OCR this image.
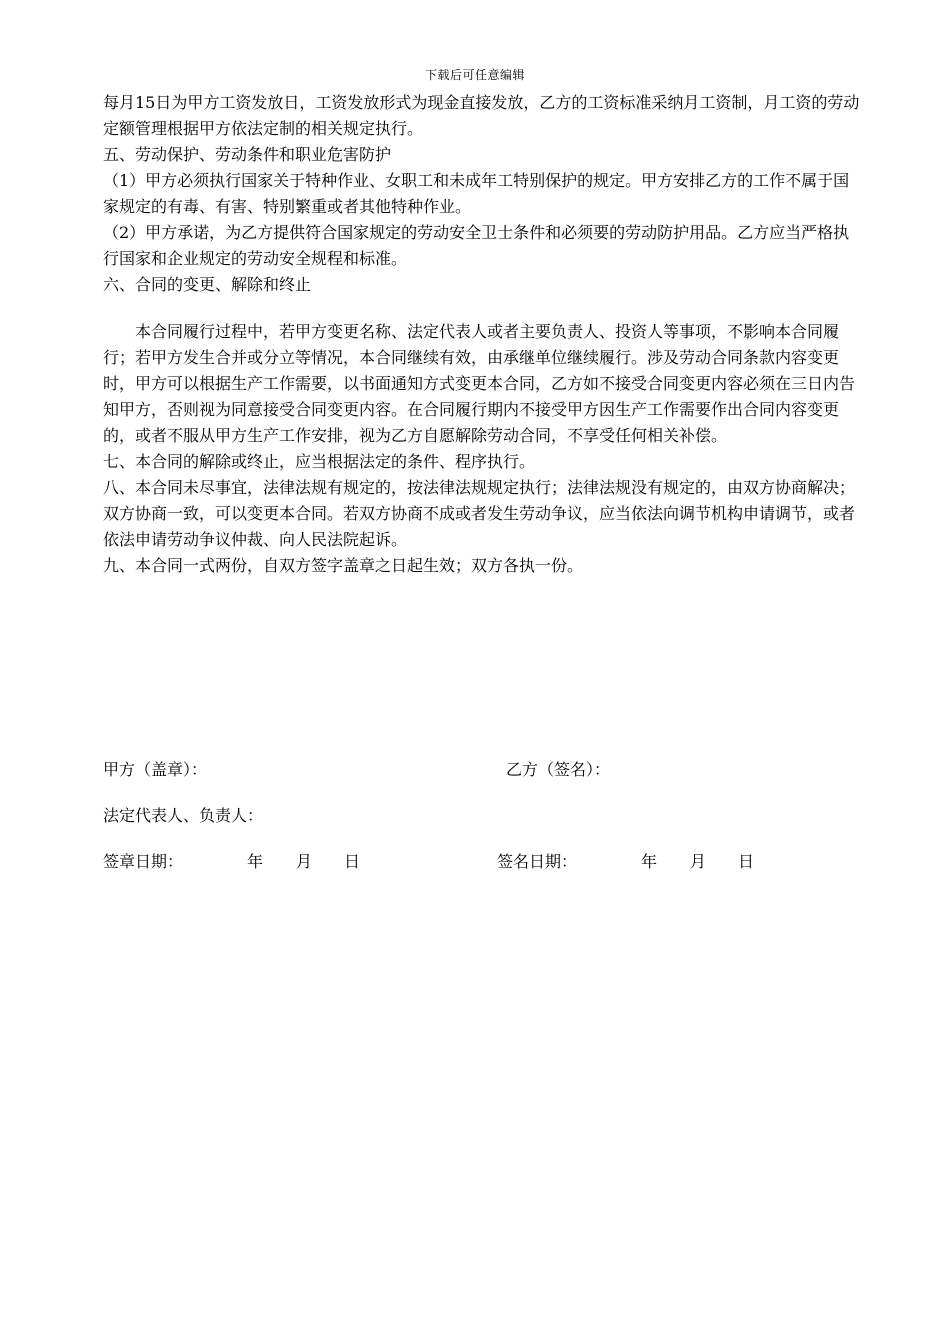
下载后可任意编辑

每月15日为甲方工资发放日，工资发放形式为现金直接发放，乙方的工资标准采纳月工资制，月工资的劳动定额管理根据甲方依法定制的相关规定执行。

五、劳动保护、劳动条件和职业危害防护

（1）甲方必须执行国家关于特种作业、女职工和未成年工特别保护的规定。甲方安排乙方的工作不属于国家规定的有毒、有害、特别繁重或者其他特种作业。

（2）甲方承诺，为乙方提供符合国家规定的劳动安全卫士条件和必须要的劳动防护用品。乙方应当严格执行国家和企业规定的劳动安全规程和标准。

六、合同的变更、解除和终止

本合同履行过程中，若甲方变更名称、法定代表人或者主要负责人、投资人等事项，不影响本合同履行；若甲方发生合并或分立等情况，本合同继续有效，由承继单位继续履行。涉及劳动合同条款内容变更时，甲方可以根据生产工作需要，以书面通知方式变更本合同，乙方如不接受合同变更内容必须在三日内告知甲方，否则视为同意接受合同变更内容。在合同履行期内不接受甲方因生产工作需要作出合同内容变更的，或者不服从甲方生产工作安排，视为乙方自愿解除劳动合同，不享受任何相关补偿。

七、本合同的解除或终止，应当根据法定的条件、程序执行。

八、本合同未尽事宜，法律法规有规定的，按法律法规规定执行；法律法规没有规定的，由双方协商解决；双方协商一致，可以变更本合同。若双方协商不成或者发生劳动争议，应当依法向调节机构申请调节，或者依法申请劳动争议仲裁、向人民法院起诉。

九、本合同一式两份，自双方签字盖章之日起生效；双方各执一份。

甲方（盖章）：	乙方（签名）：
法定代表人、负责人：
签章日期：	年 月 日	签名日期：	年 月 日
